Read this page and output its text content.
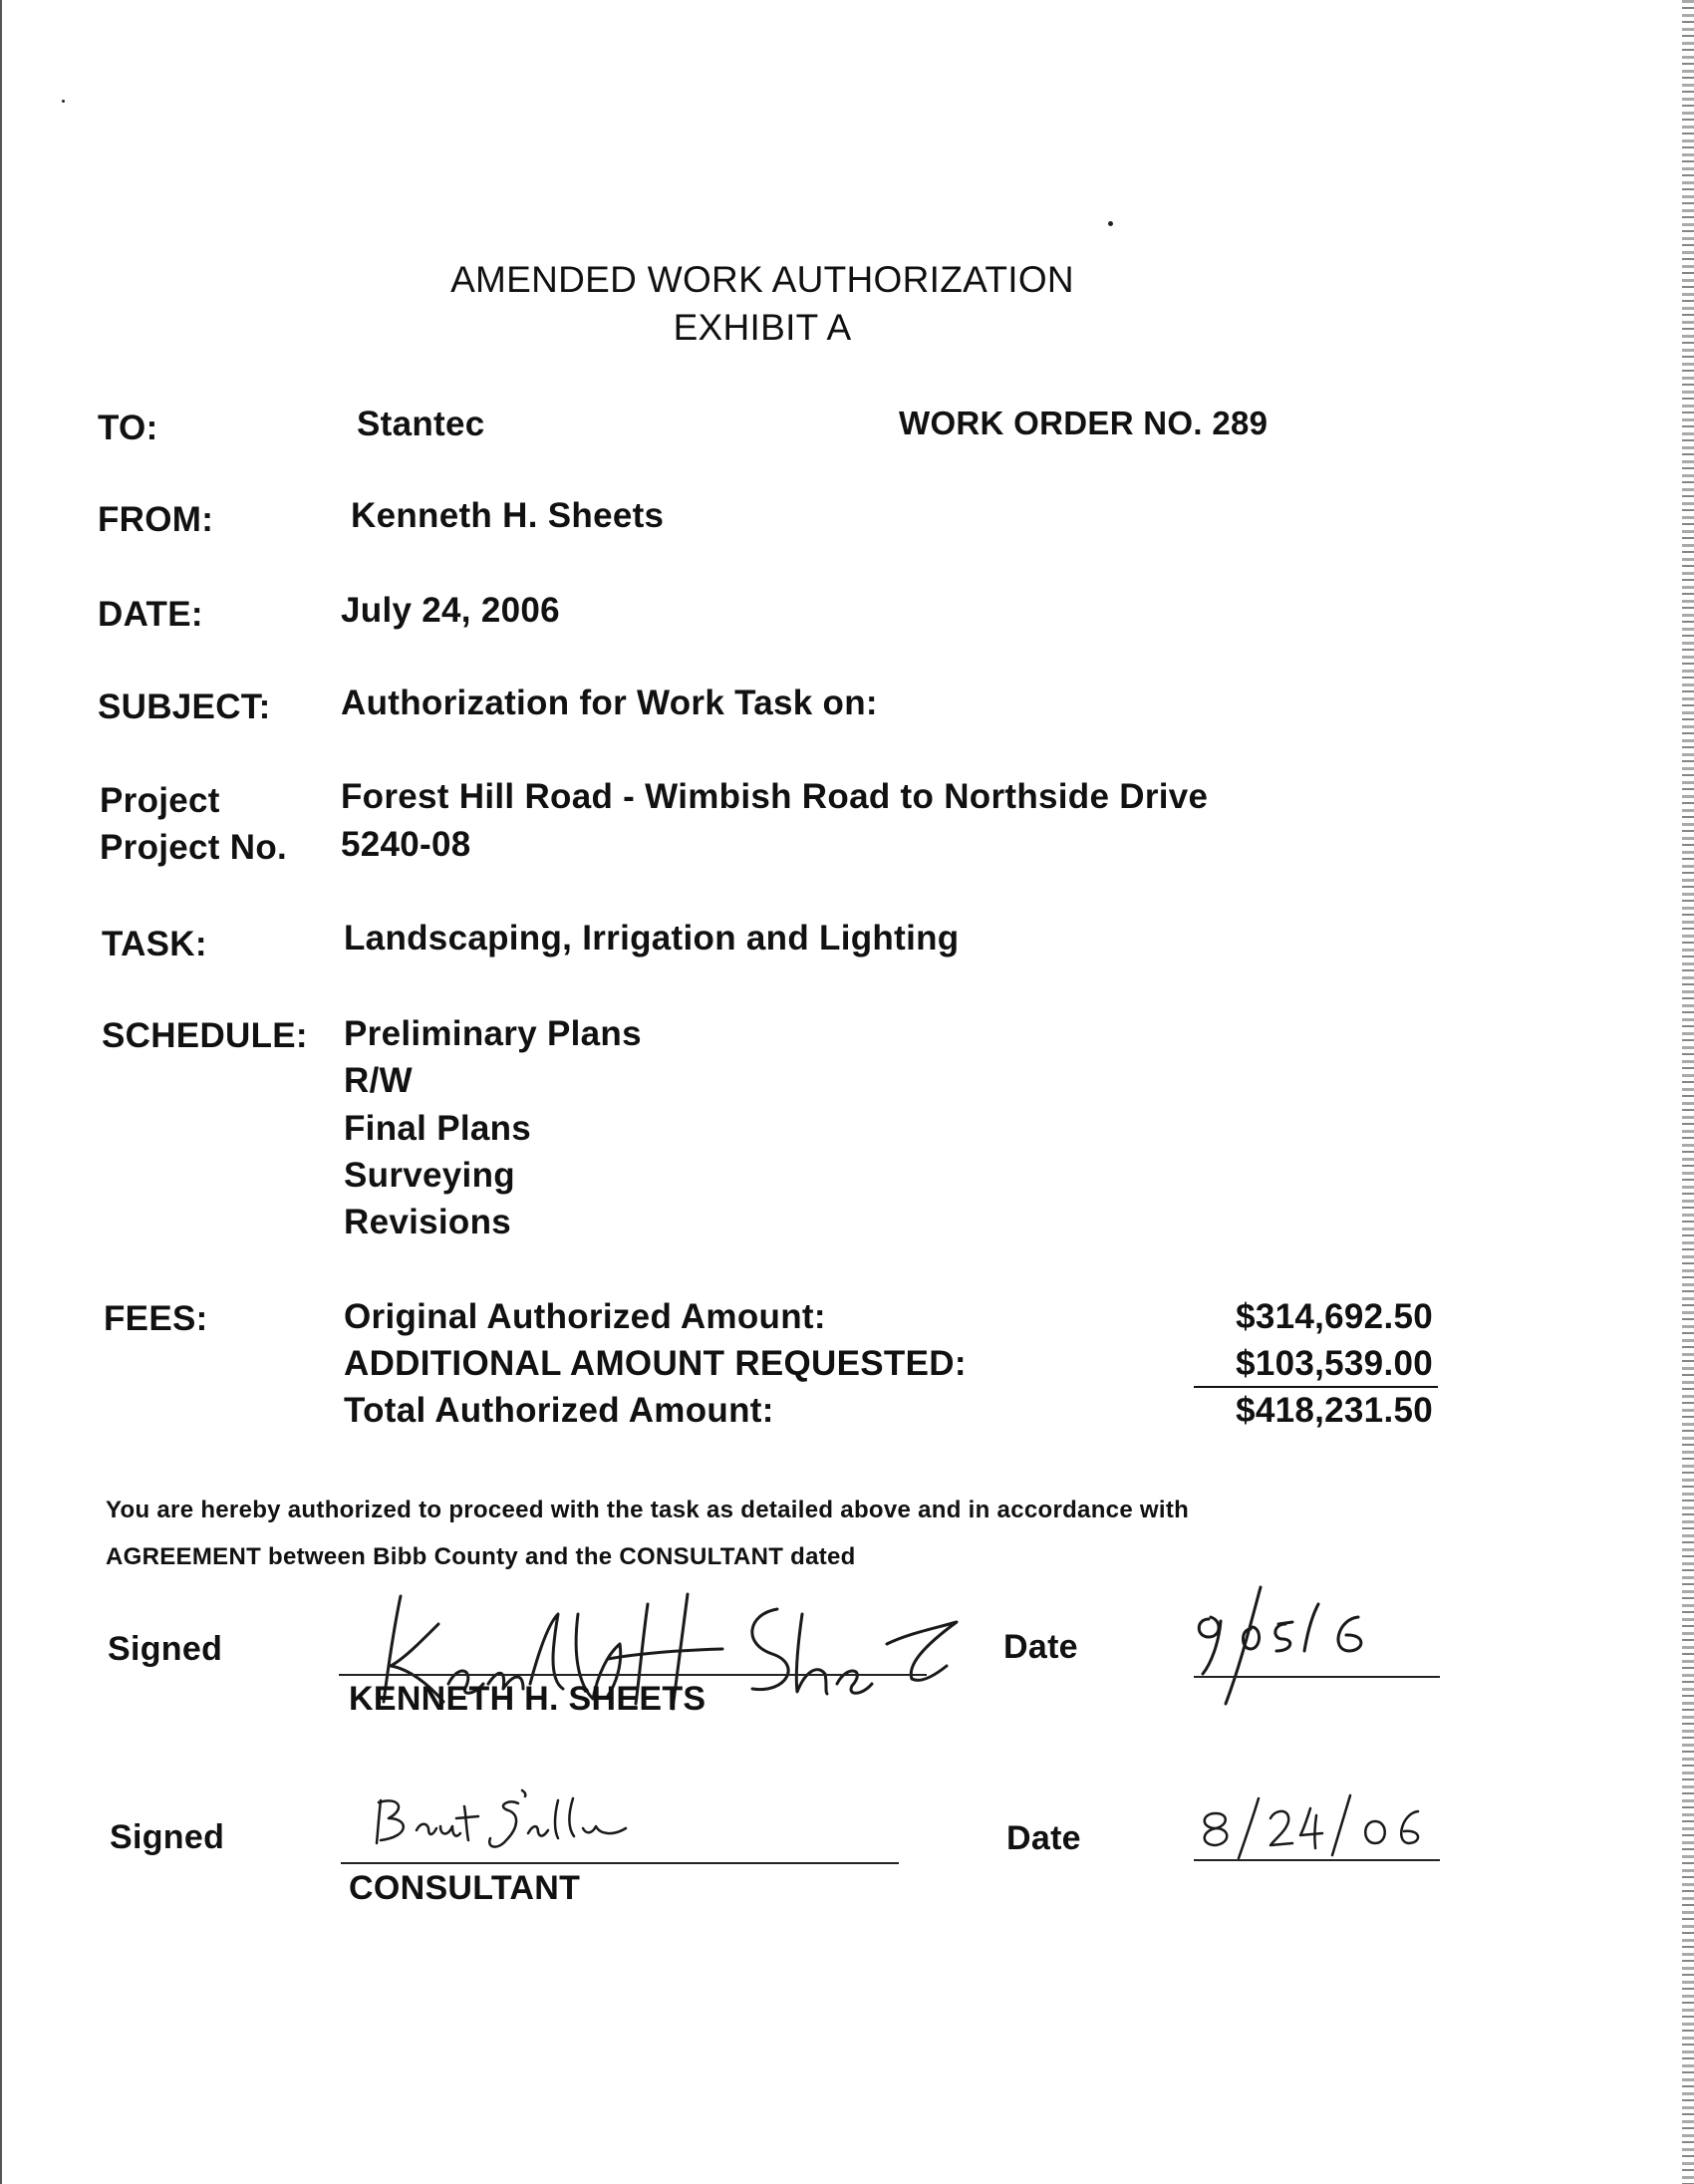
AMENDED WORK AUTHORIZATION
EXHIBIT A
TO:	Stantec	WORK ORDER NO. 289
FROM:	Kenneth H. Sheets
DATE:	July 24, 2006
SUBJECT: Authorization for Work Task on:
Project	Forest Hill Road - Wimbish Road to Northside Drive
Project No. 5240-08
TASK:	Landscaping, Irrigation and Lighting
SCHEDULE: Preliminary Plans
R/W
Final Plans
Surveying
Revisions
FEES:	Original Authorized Amount:	$314,692.50
ADDITIONAL AMOUNT REQUESTED:	$103,539.00
Total Authorized Amount:	$418,231.50
You are hereby authorized to proceed with the task as detailed above and in accordance with
AGREEMENT between Bibb County and the CONSULTANT dated
Signed
KENNETH H. SHEETS
Date
Signed
CONSULTANT
Date
